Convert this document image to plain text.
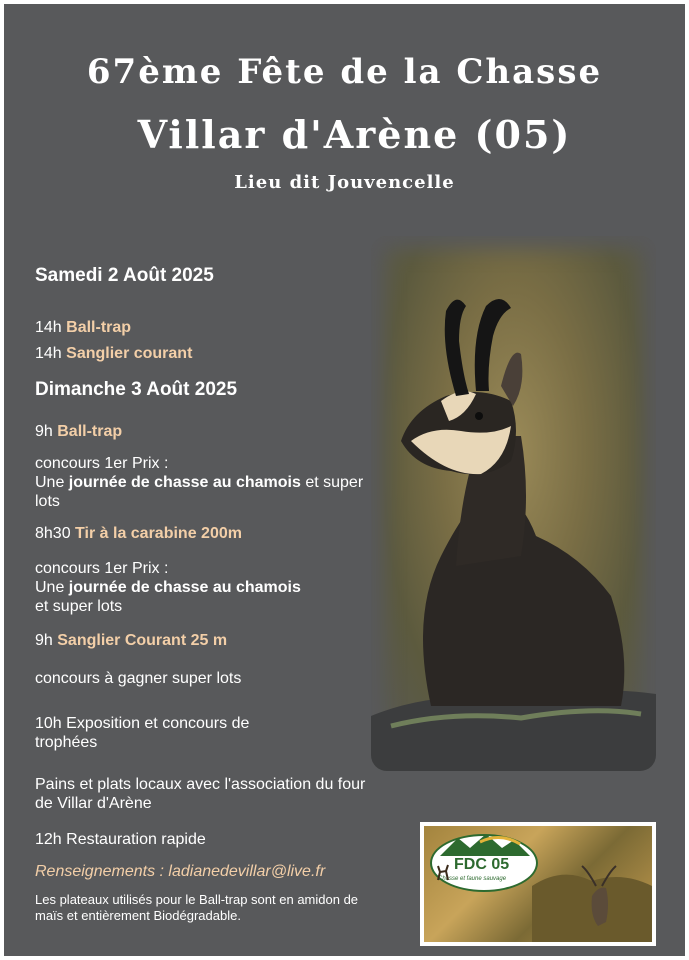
67ème Fête de la Chasse
Villar d'Arène (05)
Lieu dit Jouvencelle
Samedi 2 Août 2025
14h Ball-trap
14h Sanglier courant
Dimanche 3 Août 2025
9h Ball-trap
concours 1er Prix :
Une journée de chasse au chamois et super lots
8h30 Tir à la carabine 200m
concours 1er Prix :
Une journée de chasse au chamois et super lots
9h Sanglier Courant 25 m
concours à gagner super lots
10h Exposition et concours de trophées
Pains et plats locaux avec l'association du four de Villar d'Arène
12h Restauration rapide
Renseignements : ladianedevillar@live.fr
Les plateaux utilisés pour le Ball-trap sont en amidon de maïs et entièrement Biodégradable.
FDC 05
Chasse et faune sauvage
